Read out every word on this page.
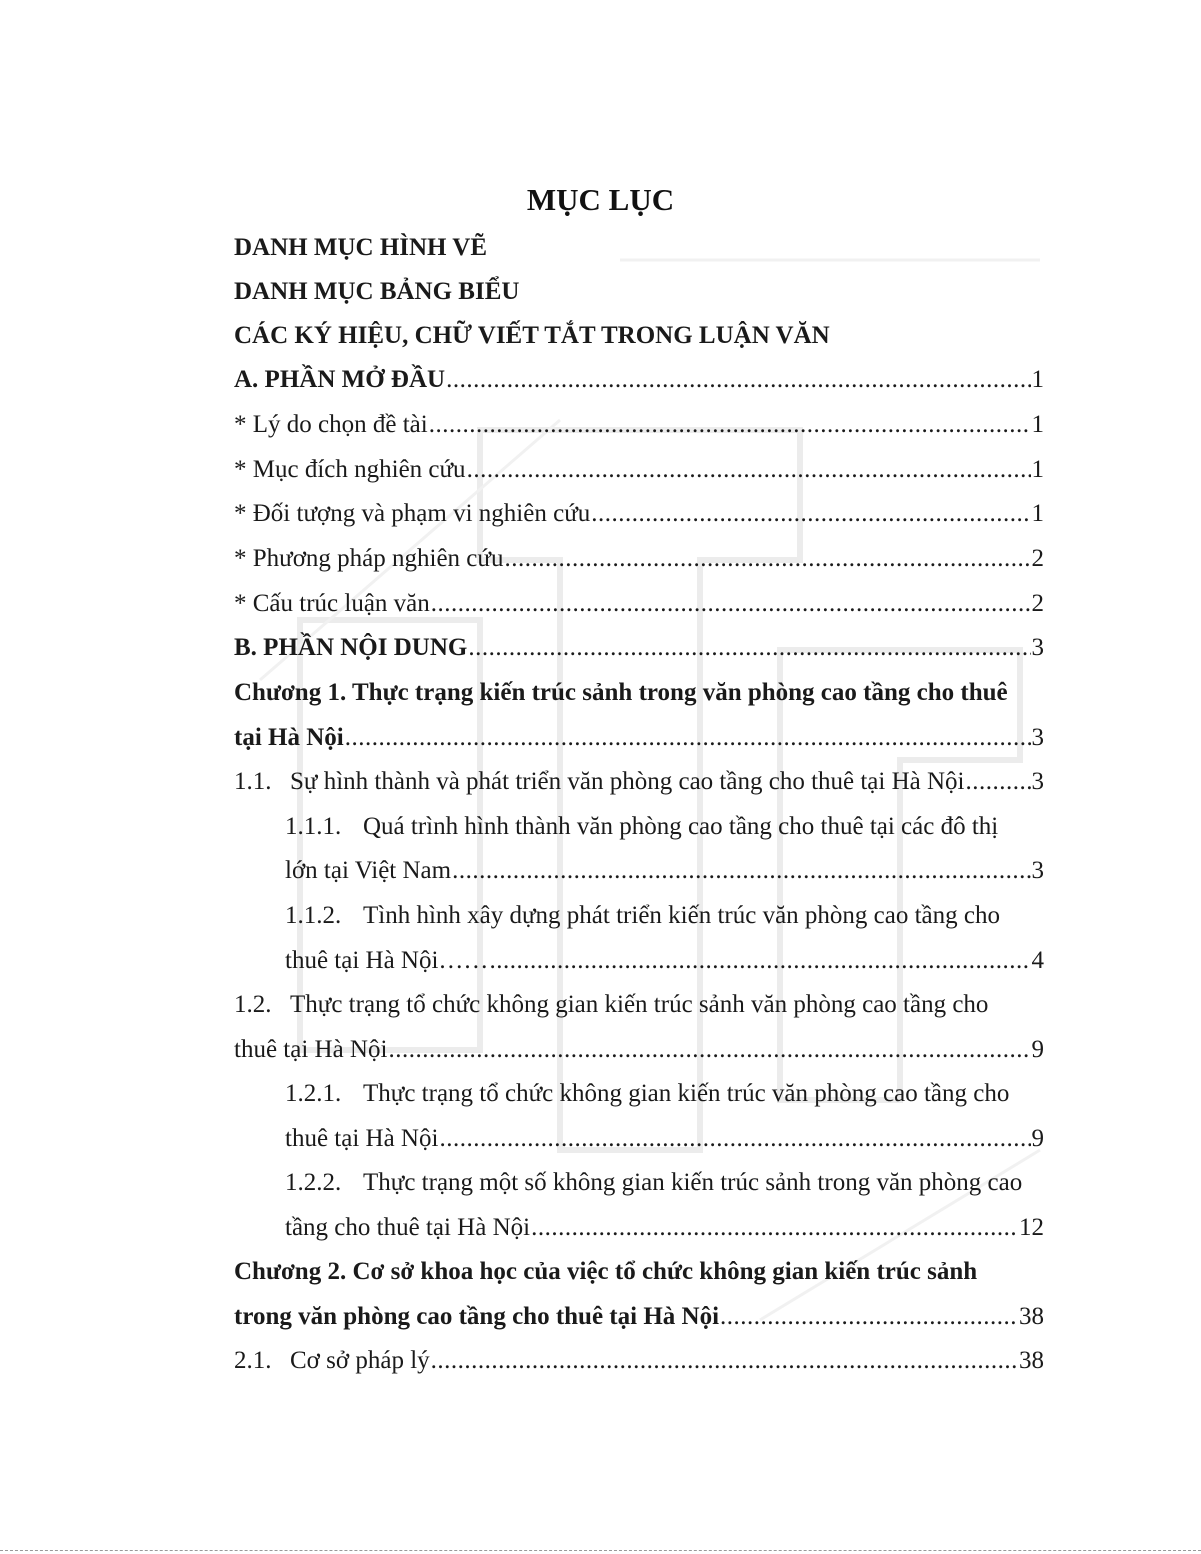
MỤC LỤC
DANH MỤC HÌNH VẼ
DANH MỤC BẢNG BIỂU
CÁC KÝ HIỆU, CHỮ VIẾT TẮT TRONG LUẬN VĂN
A. PHẦN MỞ ĐẦU .....	1
* Lý do chọn đề tài .....	1
* Mục đích nghiên cứu .....	1
* Đối tượng và phạm vi nghiên cứu .....	1
* Phương pháp nghiên cứu .....	2
* Cấu trúc luận văn .....	2
B. PHẦN NỘI DUNG .....	3
Chương 1. Thực trạng kiến trúc sảnh trong văn phòng cao tầng cho thuê
tại Hà Nội .....	3
1.1. Sự hình thành và phát triển văn phòng cao tầng cho thuê tại Hà Nội .....	3
1.1.1. Quá trình hình thành văn phòng cao tầng cho thuê tại các đô thị
lớn tại Việt Nam .....	3
1.1.2. Tình hình xây dựng phát triển kiến trúc văn phòng cao tầng cho
thuê tại Hà Nội…… .....	4
1.2. Thực trạng tổ chức không gian kiến trúc sảnh văn phòng cao tầng cho
thuê tại Hà Nội .....	9
1.2.1. Thực trạng tổ chức không gian kiến trúc văn phòng cao tầng cho
thuê tại Hà Nội .....	9
1.2.2. Thực trạng một số không gian kiến trúc sảnh trong văn phòng cao
tầng cho thuê tại Hà Nội .....	12
Chương 2. Cơ sở khoa học của việc tổ chức không gian kiến trúc sảnh
trong văn phòng cao tầng cho thuê tại Hà Nội .....	38
2.1. Cơ sở pháp lý .....	38
